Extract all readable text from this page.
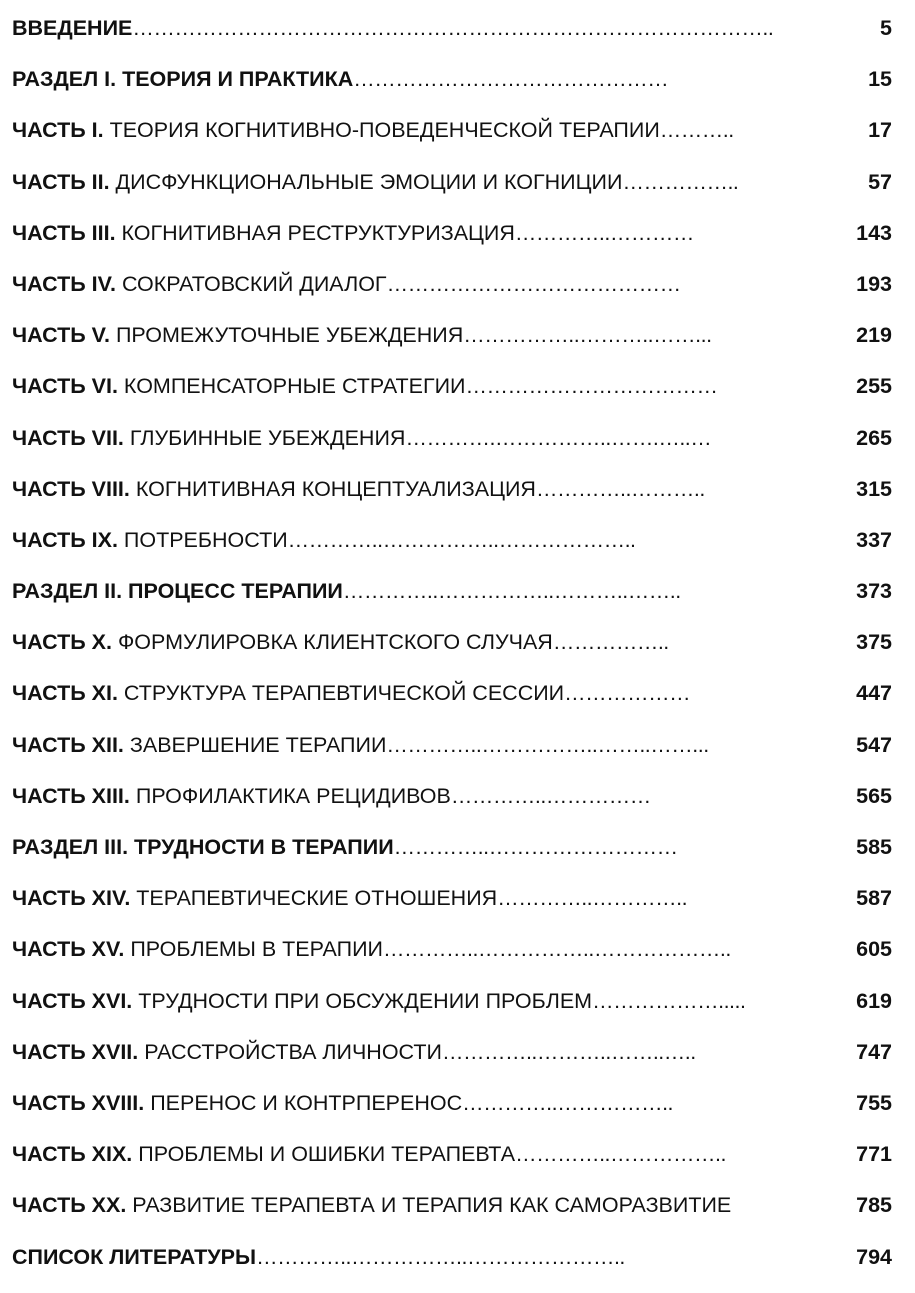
ВВЕДЕНИЕ………………………………………………………………………………..	5
РАЗДЕЛ I. ТЕОРИЯ И ПРАКТИКА………………………………………	15
ЧАСТЬ I. ТЕОРИЯ КОГНИТИВНО-ПОВЕДЕНЧЕСКОЙ ТЕРАПИИ………..	17
ЧАСТЬ II. ДИСФУНКЦИОНАЛЬНЫЕ ЭМОЦИИ И КОГНИЦИИ……………..	57
ЧАСТЬ III. КОГНИТИВНАЯ РЕСТРУКТУРИЗАЦИЯ…………..…………	143
ЧАСТЬ IV. СОКРАТОВСКИЙ ДИАЛОГ……………………………………	193
ЧАСТЬ V. ПРОМЕЖУТОЧНЫЕ УБЕЖДЕНИЯ……………..………..……...	219
ЧАСТЬ VI. КОМПЕНСАТОРНЫЕ СТРАТЕГИИ………………………………	255
ЧАСТЬ VII. ГЛУБИННЫЕ УБЕЖДЕНИЯ………….……………..…….…..…	265
ЧАСТЬ VIII. КОГНИТИВНАЯ КОНЦЕПТУАЛИЗАЦИЯ…………..………..	315
ЧАСТЬ IX. ПОТРЕБНОСТИ…………..……………..………………..	337
РАЗДЕЛ II. ПРОЦЕСС ТЕРАПИИ…………..……………..………..……..	373
ЧАСТЬ X. ФОРМУЛИРОВКА КЛИЕНТСКОГО СЛУЧАЯ……………..	375
ЧАСТЬ XI. СТРУКТУРА ТЕРАПЕВТИЧЕСКОЙ СЕССИИ………………	447
ЧАСТЬ XII. ЗАВЕРШЕНИЕ ТЕРАПИИ…………..……………..……..……...	547
ЧАСТЬ XIII. ПРОФИЛАКТИКА РЕЦИДИВОВ…………..……………	565
РАЗДЕЛ III. ТРУДНОСТИ В ТЕРАПИИ…………..………………………	585
ЧАСТЬ XIV. ТЕРАПЕВТИЧЕСКИЕ ОТНОШЕНИЯ…………..…………..	587
ЧАСТЬ XV. ПРОБЛЕМЫ В ТЕРАПИИ…………..……………..………………..	605
ЧАСТЬ XVI. ТРУДНОСТИ ПРИ ОБСУЖДЕНИИ ПРОБЛЕМ……………….....	619
ЧАСТЬ XVII. РАССТРОЙСТВА ЛИЧНОСТИ…………..………..……..…..	747
ЧАСТЬ XVIII. ПЕРЕНОС И КОНТРПЕРЕНОС…………..……………..	755
ЧАСТЬ XIX. ПРОБЛЕМЫ И ОШИБКИ ТЕРАПЕВТА…………..……………..	771
ЧАСТЬ XX. РАЗВИТИЕ ТЕРАПЕВТА И ТЕРАПИЯ КАК САМОРАЗВИТИЕ	785
СПИСОК ЛИТЕРАТУРЫ…………..……………..…………………..	794
